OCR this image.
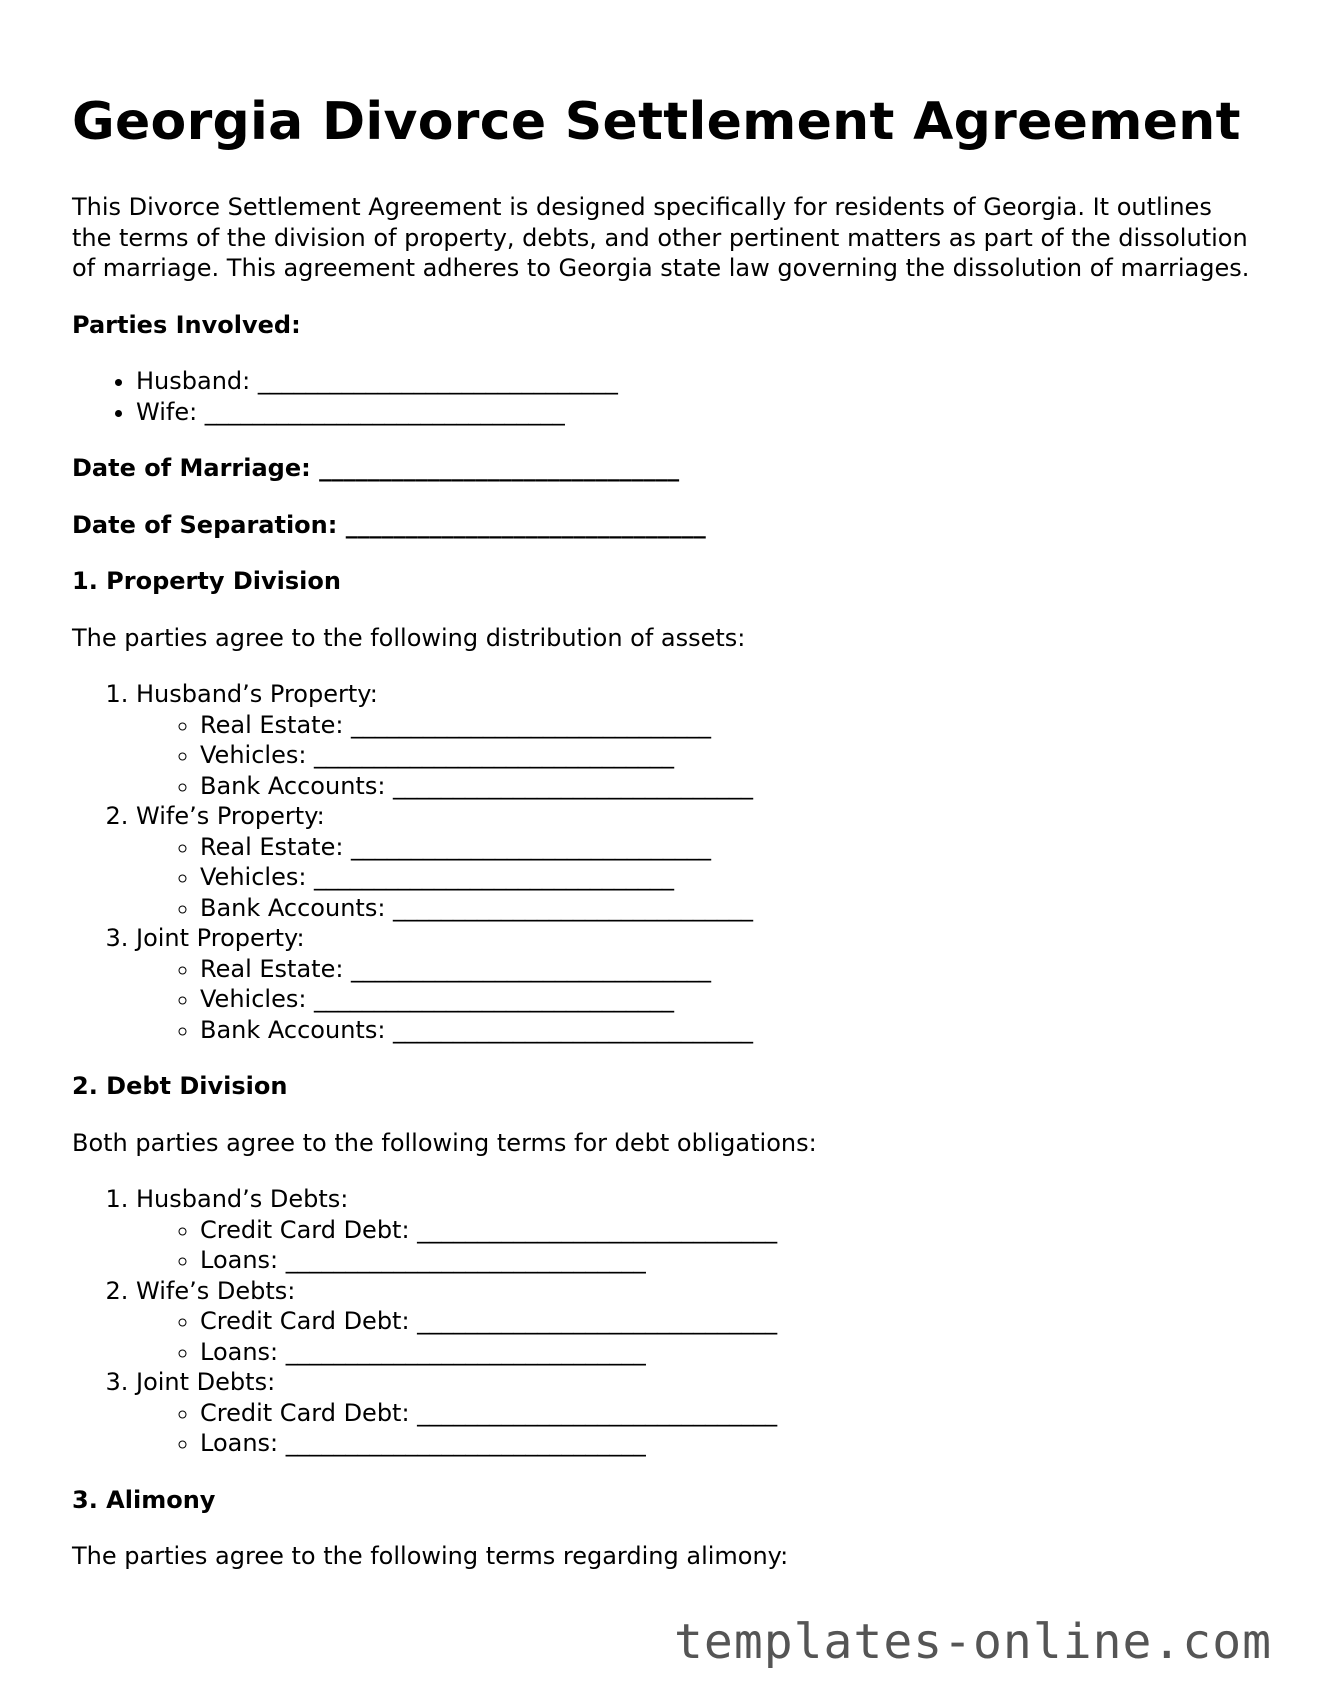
Georgia Divorce Settlement Agreement

This Divorce Settlement Agreement is designed specifically for residents of Georgia. It outlines the terms of the division of property, debts, and other pertinent matters as part of the dissolution of marriage. This agreement adheres to Georgia state law governing the dissolution of marriages.

Parties Involved:

• Husband: ______________________________
• Wife: ______________________________

Date of Marriage: ______________________________

Date of Separation: ______________________________

1. Property Division

The parties agree to the following distribution of assets:

1. Husband’s Property:
◦ Real Estate: ______________________________
◦ Vehicles: ______________________________
◦ Bank Accounts: ______________________________
2. Wife’s Property:
◦ Real Estate: ______________________________
◦ Vehicles: ______________________________
◦ Bank Accounts: ______________________________
3. Joint Property:
◦ Real Estate: ______________________________
◦ Vehicles: ______________________________
◦ Bank Accounts: ______________________________

2. Debt Division

Both parties agree to the following terms for debt obligations:

1. Husband’s Debts:
◦ Credit Card Debt: ______________________________
◦ Loans: ______________________________
2. Wife’s Debts:
◦ Credit Card Debt: ______________________________
◦ Loans: ______________________________
3. Joint Debts:
◦ Credit Card Debt: ______________________________
◦ Loans: ______________________________

3. Alimony

The parties agree to the following terms regarding alimony:

templates-online.com
